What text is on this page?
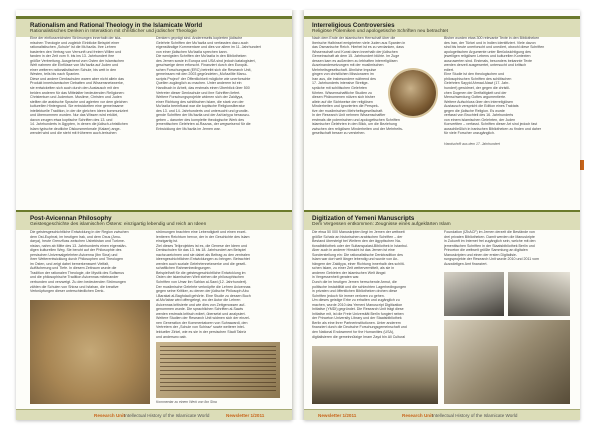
Rationalism and Rational Theology in the Islamicate World
Rationalistisches Denken in Interaktion mit christlicher und jüdischer Theologie
Eine der einflussreichsten Strömungen innerhalb der isla-
mischen Theologie und zugleich Einblicke Beispiel einer
rationalistischen „Schule“ ist die Mu'tazila. Ihre Lehren
basierten den Vertrag von Vernunft und freiem Willen und
fanden in der Zeit vom 9. bis ins 13. Jahrhundert ihre
größte Verbreitung. Ausgehend vom Osten der islamischen
Welt nahmen die Einflüsse von Mu'tazila auf Juden und
einer weiteren rationalistischen Schule, bis weit in den
Westen, teils bis nach Spanien.
Diese und andere Denkschulen waren aber nicht allein das
Produkt innerislamischer Debatten und Wissensnetzwerke,
sie entwickelten sich auch durch den Austausch mit den
beiden anderen für das Mittelalter bedeutenden Religionen:
Christentum und Judentum. Muslime, Christen und Juden
stellten die arabische Sprache und agierten vor dem gleichen
kulturellen Hintergrund. Sie entwickelten eine gemeinsame
intellektuelle Tradition, in der die gleichen Ideen kommuniziert
und übernommen wurden. Nur das Wissen wird erklärt,
davon zeugen etwa koptische Schriften des 13. und
14. Jahrhunderts in Ägypten, in denen die jüdisch-christlichen
Islam typische deutliche Diskursmerkmale (Kalam) ange-
wendet wird und die steht mit früherem auch-terischen
Denkern geprägt sind. Andererseits kopierten jüdische
Gelehrte Schriften der Mu'tazila und verfassten dazu auch
eigenständige Kommentare und dies vor allem im 11. Jahrhundert
von einer jüdischen Mu'tazila sprechen kann.
Die wenigsten Schriften der Mu'tazila in den Bibliotheken
des Jemen sowie in Europa und USA sind jedoch katalogisiert,
geschweige denn erforscht. Finanziert durch den Europäi-
schen Forschungsrat (ERC) betreibt sich die Research Unit,
gemeinsam mit den 2003 gegründeten „Mu'tazilite Manu-
scripts Project“ der Öffentlichkeit mögliche wie unerforschte
Quellen zugänglich zu machen. Unter anderem ist ein
Handbuch in Arbeit, das erstmals einen Überblick über 500
Vertreter dieser Denkschule und ihre Schriften liefert.
Weitere Forschungsprojekte widmen sich der Zaidiyya,
einer Richtung des schiitischen Islam, die stark von der
Mu'tazila beeinflusst war die koptische Religionsliteratur
des 13. und 14. Jahrhunderts und untersucht und grundle-
gende Schriften der Mu'tazila und der Ash'ariyya herauszu-
geben – darunter des komplette theologische Werk des
jemenitischen Gelehrten al-Razzas, der wegweisend für die
Entwicklung der Mu'tazila im Jemen war.
Post-Avicennan Philosophy
Geistesgeschichte des islamischen Ostens: einzigartig lebendig und reich an Ideen
Die geistesgeschichtliche Entwicklung in der Region zwischen
dem Ost-Euphrat, im heutigen Irak, und dem Oxus (Amu-
darya), heute Grenzfluss zwischen Usbekistan und Turkme-
nistan, nahm ab Mitte des 13. Jahrhunderts einen eigenstän-
digen kulturellen Weg. Sie beruht auf der Philosophie des
persischen Universalgelehrten Avicenna (Ibn Sina) und
ihrer Weiterentwicklung durch Philosophen und Theologen
im Osten, und zeigt dabei bemerkenswert Vielfalt,
Auffächerung und Tiefe. In diesem Zeitraum wurde die
Tradition der rationalen Theologie, die Mystik des Sufismus
und die philosophische Tradition Avicennas miteinander
verbunden und verzweigt. Zu den bedeutenden Strömungen
zählen die Schulen von Shiraz und Isfahan, die kreative
Verknüpfungen dieser unterschiedlichen Denk-
strömungen brachten eine Lebendigkeit und einen exzel-
lentieren Reichtum hervor, der in der Geschichte des Islam
einzigartig ist.
Ziel dieses Teilprojektes ist es, die Genese der Ideen und
Denkschulen für das 13. bis 18. Jahrhundert am Beispiel
nachzuzeichnen und sie dabei als Beitrag zu den zentralen
ideengeschichtlichen Entwicklungen zu bringen. Betrachtet
werden auch soziale Gelehrtennetzwerke und die gesell-
schaftlichen Rahmenbedingungen.
Beispielhaft für die geistesgeschichtliche Entwicklung im
Osten der islamischen Welt stehen die philosophischen
Schriften von Umar ibn Sahlan al-Sawi (12. Jahrhundert).
Der muslimische Gelehrte verknüpfte die Lehren Avicennas
gegen seine Kritiker, zu denen der jüdische Philosoph Abu
l-Barakat al-Baghdadi gehörte. Eine Studie zu dessen Buch
al-Mu'tabar wird offengelegt, wo der Autor die Lehren
Avicennas kritisierte und wie dies von Zeitgenossen auf-
genommen wurde. Die sprachlichen Schriften al-Sawis
werden erstmals kritisch ediert, übersetzt und analysiert.
Weitere Studien der Research Unit widmen sich der einzel-
nen Generation der Kommentatoren von Suhrawardi, den
Vertretern der „Schule von Schiraz“ sowie weiterer intel-
lektueller Zirkel, wie es sie in der persischen Stadt Tabriz
und anderswo gab.
Kommentar zu einem Werk von Ibn Sina
Research Unit Intellectual History of the Islamicate World	Newsletter 1/2011
Interreligious Controversies
Religiöse Polemiken und apologetische Schriften neu betrachtet
Nach dem Ende der islamischen Herrschaft über die
Iberische Halbinsel emigrierten viele Juden aus Spanien in
das Osmanische Reich. Hierbei ist es zu verdanken, dass
Wissenschaft und Kunst dann innerhalb der jüdischen
Gemeinschaft ab dem 15. Jahrhundert blühte. Im Zuge
dessen kam es außerdem zu lebhaften interreligiösen
Auseinandersetzungen mit der muslimischen
Mehrheitsgesellschaft. Ähnliche Impulse
gingen von christlichen Missionaren im
Iran aus, die insbesondere während des
17. Jahrhunderts intensive Streitge-
spräche mit schiitischen Gelehrten
führten. Wissenschaftliche Studien zu
diesen Phänomenen nützen sich bisher
allein auf die Sichtweise der religiösen
Minderheiten und ignorierten die Perspek-
tive der muslimischen Mehrheitsgesellschaft.
In der Research Unit nehmen Wissenschaftler
erstmals die polemischen und apologetischen Schriften
islamischer Gelehrten in den Blick, um die Beziehung
zwischen den religiösen Minderheiten und der Mehrheits-
gesellschaft besser zu verstehen.
Bisher wurden etwa 300 relevante Texte in den Bibliotheken
des Iran, der Türkei und in Indien identifiziert. Viele davon
sind bis heute unerforscht und unediert, obwohl diese Schriften
apologetischen Argumente unter Berücksichtigung des
jeweiligen religiösen Lebens und kulturellen Kontexten
auszuwerten sind. Erstmals, besonders bekannte Texte
werden derzeit ausgewertet, untersucht und kritisch
ediert.
Eine Studie ist den theologischen und
philosophischen Schriften des schiitischen
Gelehrten Sayyid Ahmad Alawi (17. Jahr-
hundert) gewidmet, der gegen die christli-
chen Dogmen der Dreifaltigkeit und der
Menschwerdung Gottes argumentierte.
Weitere Aufschluss über den interreligiösen
Austausch verspricht die Edition eines Traktats
gegen die jüdische Religion. Es wurde
verfasst von Bruchteil des 16. Jahrhunderts
von einem islamischen Gelehrten, der Juden
Konvertiten – verfasst. Schriften dieser Art sind jedoch fast
ausschließlich in iranischen Bibliotheken zu finden und daher
für viele Forscher unzugänglich.
Handschrift aus dem 17. Jahrhundert
Digitization of Yemeni Manuscripts
Dem Vergessen entkommen: Zeugnisse eines aufgeklärten Islam
Die etwa 50 000 Manuskripten liegt im Jemen der weltweit
größte Schatz an historischen arabischen Schriften – der
Bestand übersteigt bei Weitem den der ägyptischen Na-
tionalbibliothek oder der Sultanspalast-Bibliothek in Istanbul.
Aber auch in anderer Hinsicht ist das Jemen ist eine
Sonderstellung ein: Die rationalistische Denktradition des
Islam war dort weit länger lebendig und wurde von An-
hängern der Zaidiyya, einer Richtung innerhalb des schiiti-
schen Islam, zu einer Zeit weitervermittelt, als sie in
anderen Gebieten der islamischen Welt längst
in Vergessenheit geraten war.
Durch die im heutigen Jemen herrschende Armut, die
politische Instabilität und die schlechten Lagerbedingungen
in privaten und öffentlichen Bibliotheken drohen diese
Schriften jedoch für immer verloren zu gehen.
Um dieses geistige Erbe zu erhalten und zugänglich zu
machen, wurde 2010 das Yemeni Manuscript Digitization
Initiative (YMDI) gegründet. Die Research Unit trägt diese
Initiative mit, ist die Freie Universität Berlin fungiert neben
der Princeton University Library und der Staatsbibliothek
Berlin als eine ihrer Partnerinstitutionen. Unter anderem
finanziert durch die Deutsche Forschungsgemeinschaft und
den National Endowment for the Humanities (USA),
digitalisieren die gemeinnützige Imam Zayd bin Ali Cultural
Foundation (IZbACF) im Jemen derzeit die Bestände von
drei privaten Bibliotheken. Damit werden die Manuskripte
in Zukunft im Internet frei zugänglich sein, welche mit den
jemenitischen Schriften in der Staatsbibliothek Berlin und
Princeton die weltweit größte Sammlung an digitalen
Manuskripten und einen der ersten Digitalisie-
rungsprojekte der Research Unit wurde 2010 und 2011 vom
Auswärtigen Amt finanziert.
Newsletter 1/2011	Research Unit Intellectual History of the Islamicate World
